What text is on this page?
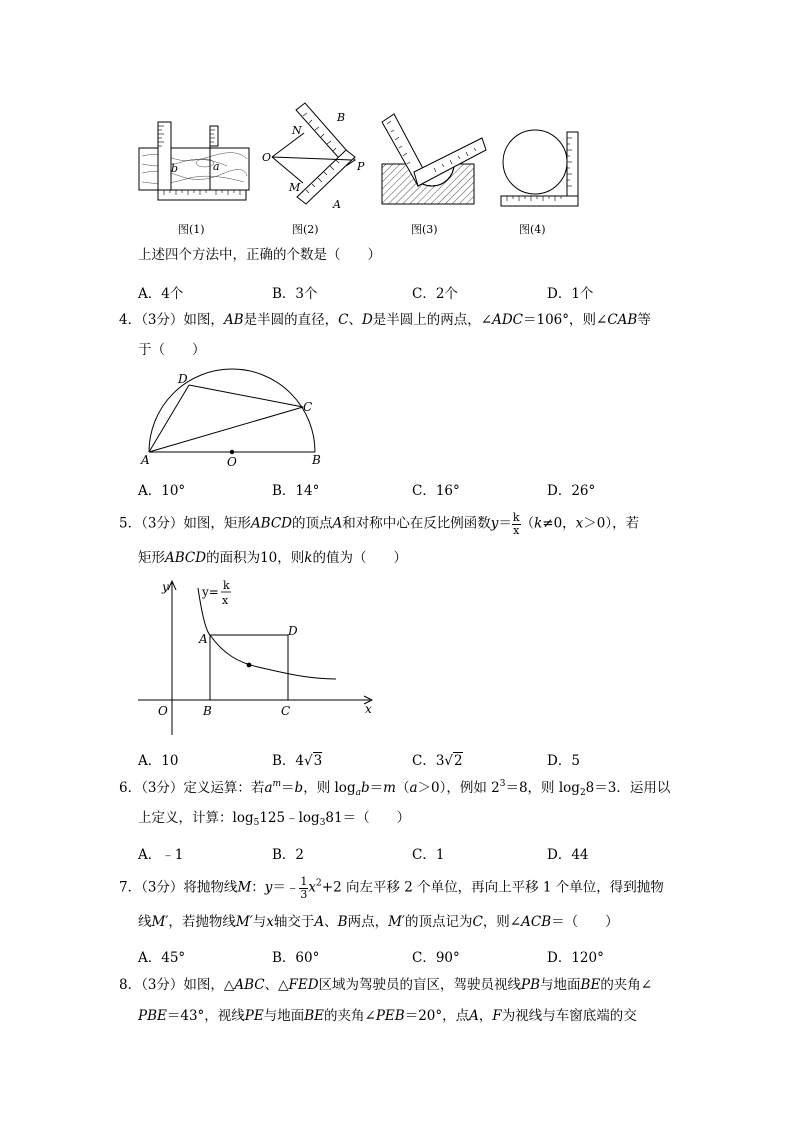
b	a
O
N
B
P
M
A
图(1)	图(2)	图(3)	图(4)
上述四个方法中，正确的个数是（　　）
A．4个	B．3个	C．2个	D．1个
4．（3分）如图，AB是半圆的直径，C、D是半圆上的两点，∠ADC＝106°，则∠CAB等
于（　　）
A	B
C
D
O
A．10°	B．14°	C．16°	D．26°
5．（3分）如图，矩形ABCD的顶点A和对称中心在反比例函数$y= \frac{k}{x} (k\ne 0$，x＞0），若
矩形ABCD的面积为10，则k的值为（　　）
y= k
x
y
x
A
D
O	B	C
A．10	B．4√3	C．3√2	D．5
6．（3分）定义运算：若$a^m=b$，则 $\log_ab=m(a>0)$，例如 $2^3=8$，则 $\log_28=3$．运用以
上定义，计算：$\log_5125﹣\log_381=$（　　）
A．﹣1	B．2	C．1	D．44
7．（3分）将抛物线M：y＝﹣ $\frac{1}{3} x^2+2$ 向左平移 2 个单位，再向上平移 1 个单位，得到抛物
线M′，若抛物线M′与x轴交于A、B两点，M′的顶点记为C，则∠ACB＝（　　）
A．45°	B．60°	C．90°	D．120°
8．（3分）如图，△ABC、△FED区域为驾驶员的盲区，驾驶员视线PB与地面BE的夹角∠
PBE＝43°，视线PE与地面BE的夹角∠PEB＝20°，点A，F为视线与车窗底端的交
